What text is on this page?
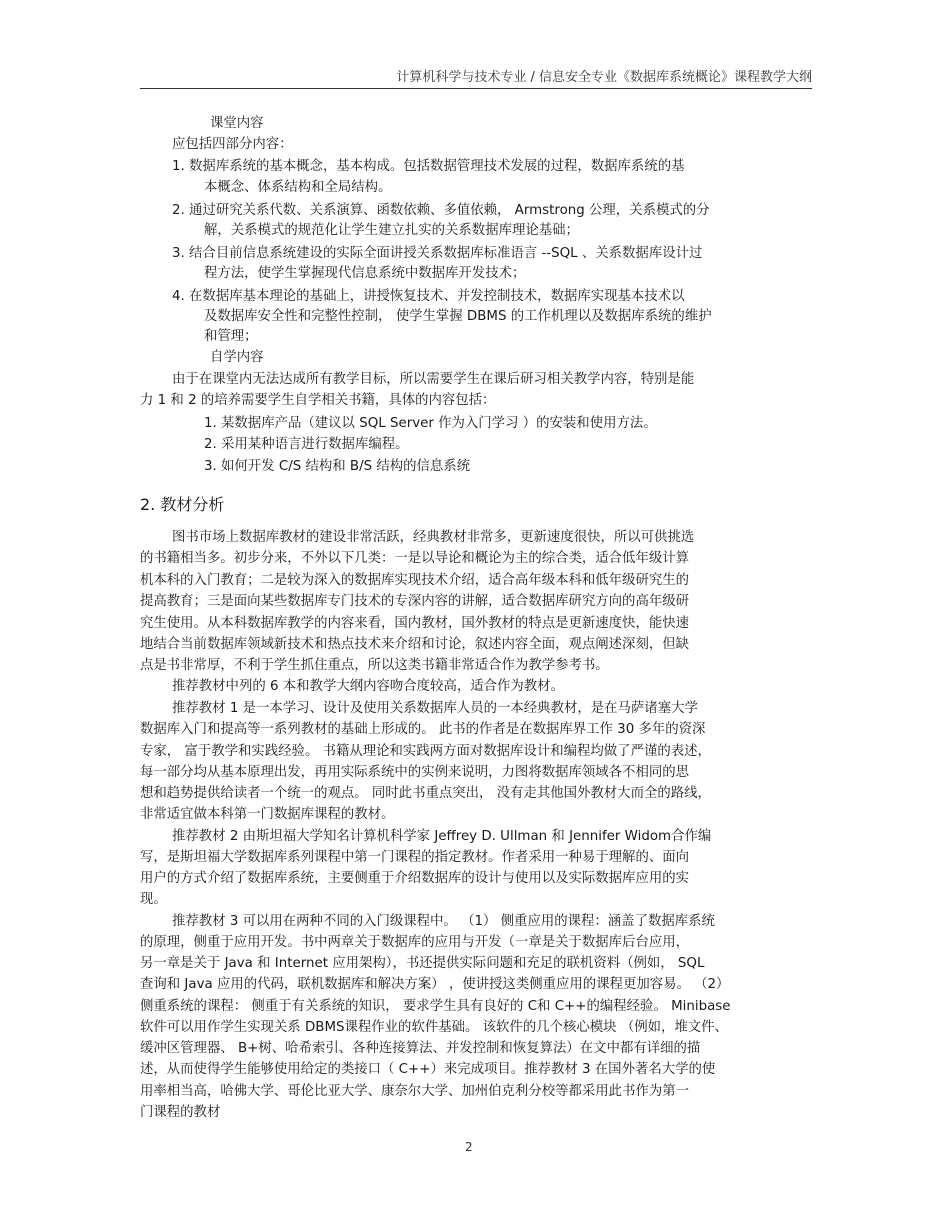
计算机科学与技术专业 / 信息安全专业《数据库系统概论》课程教学大纲
课堂内容
应包括四部分内容：
1. 数据库系统的基本概念，基本构成。包括数据管理技术发展的过程，数据库系统的基
本概念、体系结构和全局结构。
2. 通过研究关系代数、关系演算、函数依赖、多值依赖， Armstrong 公理，关系模式的分
解，关系模式的规范化让学生建立扎实的关系数据库理论基础；
3. 结合目前信息系统建设的实际全面讲授关系数据库标准语言 --SQL 、关系数据库设计过
程方法，使学生掌握现代信息系统中数据库开发技术；
4. 在数据库基本理论的基础上，讲授恢复技术、并发控制技术，数据库实现基本技术以
及数据库安全性和完整性控制， 使学生掌握 DBMS 的工作机理以及数据库系统的维护
和管理；
自学内容
由于在课堂内无法达成所有教学目标，所以需要学生在课后研习相关教学内容，特别是能
力 1 和 2 的培养需要学生自学相关书籍，具体的内容包括：
1. 某数据库产品（建议以 SQL Server 作为入门学习 ）的安装和使用方法。
2. 采用某种语言进行数据库编程。
3. 如何开发 C/S 结构和 B/S 结构的信息系统
2. 教材分析
图书市场上数据库教材的建设非常活跃，经典教材非常多，更新速度很快，所以可供挑选
的书籍相当多。初步分来，不外以下几类：一是以导论和概论为主的综合类，适合低年级计算
机本科的入门教育；二是较为深入的数据库实现技术介绍，适合高年级本科和低年级研究生的
提高教育；三是面向某些数据库专门技术的专深内容的讲解，适合数据库研究方向的高年级研
究生使用。从本科数据库教学的内容来看，国内教材，国外教材的特点是更新速度快，能快速
地结合当前数据库领域新技术和热点技术来介绍和讨论，叙述内容全面，观点阐述深刻，但缺
点是书非常厚，不利于学生抓住重点，所以这类书籍非常适合作为教学参考书。
推荐教材中列的 6 本和教学大纲内容吻合度较高，适合作为教材。
推荐教材 1 是一本学习、设计及使用关系数据库人员的一本经典教材，是在马萨诸塞大学
数据库入门和提高等一系列教材的基础上形成的。 此书的作者是在数据库界工作 30 多年的资深
专家， 富于教学和实践经验。 书籍从理论和实践两方面对数据库设计和编程均做了严谨的表述，
每一部分均从基本原理出发，再用实际系统中的实例来说明，力图将数据库领域各不相同的思
想和趋势提供给读者一个统一的观点。 同时此书重点突出， 没有走其他国外教材大而全的路线，
非常适宜做本科第一门数据库课程的教材。
推荐教材 2 由斯坦福大学知名计算机科学家 Jeffrey D. Ullman 和 Jennifer Widom合作编
写，是斯坦福大学数据库系列课程中第一门课程的指定教材。作者采用一种易于理解的、面向
用户的方式介绍了数据库系统，主要侧重于介绍数据库的设计与使用以及实际数据库应用的实
现。
推荐教材 3 可以用在两种不同的入门级课程中。 （1） 侧重应用的课程：涵盖了数据库系统
的原理，侧重于应用开发。书中两章关于数据库的应用与开发（一章是关于数据库后台应用，
另一章是关于 Java 和 Internet 应用架构），书还提供实际问题和充足的联机资料（例如， SQL
查询和 Java 应用的代码，联机数据库和解决方案） ，使讲授这类侧重应用的课程更加容易。 （2）
侧重系统的课程： 侧重于有关系统的知识， 要求学生具有良好的 C和 C++的编程经验。 Minibase
软件可以用作学生实现关系 DBMS课程作业的软件基础。 该软件的几个核心模块 （例如，堆文件、
缓冲区管理器、 B+树、哈希索引、各种连接算法、并发控制和恢复算法）在文中都有详细的描
述，从而使得学生能够使用给定的类接口（ C++）来完成项目。推荐教材 3 在国外著名大学的使
用率相当高，哈佛大学、哥伦比亚大学、康奈尔大学、加州伯克利分校等都采用此书作为第一
门课程的教材
2
